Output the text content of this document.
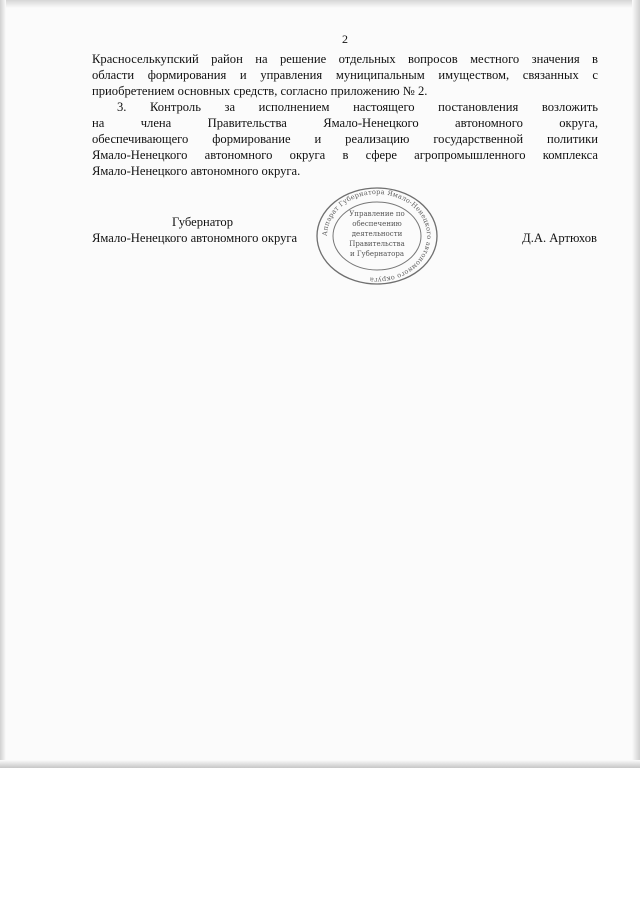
2
Красноселькупский район на решение отдельных вопросов местного значения в
области формирования и управления муниципальным имуществом, связанных с
приобретением основных средств, согласно приложению № 2.
3. Контроль за исполнением настоящего постановления возложить
на члена Правительства Ямало-Ненецкого автономного округа,
обеспечивающего формирование и реализацию государственной политики
Ямало-Ненецкого автономного округа в сфере агропромышленного комплекса
Ямало-Ненецкого автономного округа.
Губернатор
Ямало-Ненецкого автономного округа	Д.А. Артюхов
Аппарат Губернатора Ямало-Ненецкого автономного округа
Управление по
обеспечению
деятельности
Правительства
и Губернатора
